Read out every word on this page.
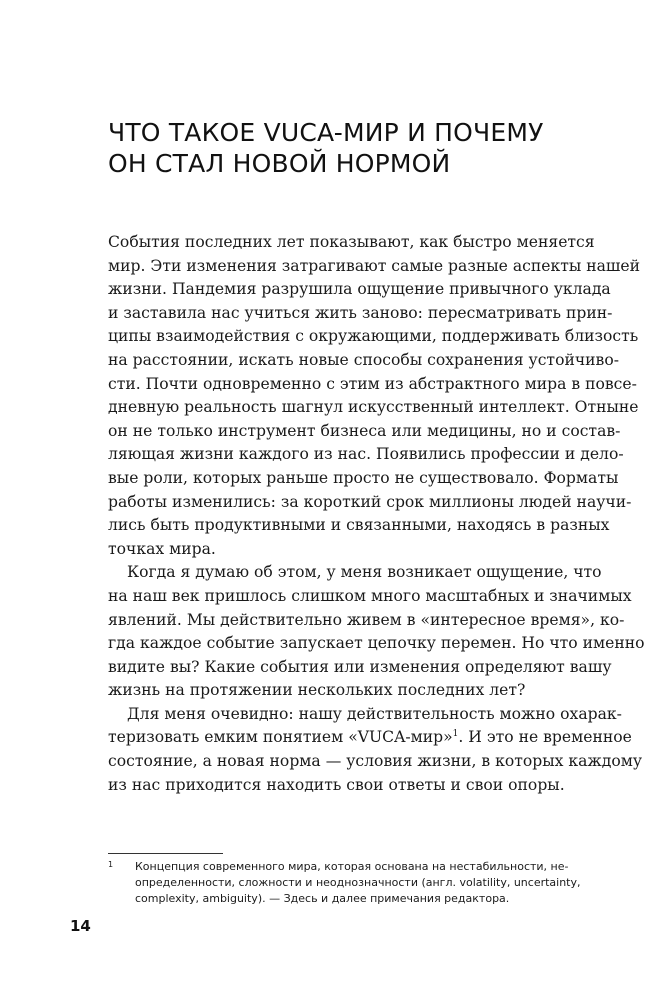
ЧТО ТАКОЕ VUCA-МИР И ПОЧЕМУ
ОН СТАЛ НОВОЙ НОРМОЙ
События последних лет показывают, как быстро меняется
мир. Эти изменения затрагивают самые разные аспекты нашей
жизни. Пандемия разрушила ощущение привычного уклада
и заставила нас учиться жить заново: пересматривать прин-
ципы взаимодействия с окружающими, поддерживать близость
на расстоянии, искать новые способы сохранения устойчиво-
сти. Почти одновременно с этим из абстрактного мира в повсе-
дневную реальность шагнул искусственный интеллект. Отныне
он не только инструмент бизнеса или медицины, но и состав-
ляющая жизни каждого из нас. Появились профессии и дело-
вые роли, которых раньше просто не существовало. Форматы
работы изменились: за короткий срок миллионы людей научи-
лись быть продуктивными и связанными, находясь в разных
точках мира.
Когда я думаю об этом, у меня возникает ощущение, что
на наш век пришлось слишком много масштабных и значимых
явлений. Мы действительно живем в «интересное время», ко-
гда каждое событие запускает цепочку перемен. Но что именно
видите вы? Какие события или изменения определяют вашу
жизнь на протяжении нескольких последних лет?
Для меня очевидно: нашу действительность можно охарак-
теризовать емким понятием «VUCA-мир»$^1$. И это не временное
состояние, а новая норма — условия жизни, в которых каждому
из нас приходится находить свои ответы и свои опоры.
1 Концепция современного мира, которая основана на нестабильности, не-
определенности, сложности и неоднозначности (англ. volatility, uncertainty,
complexity, ambiguity). — Здесь и далее примечания редактора.
14
